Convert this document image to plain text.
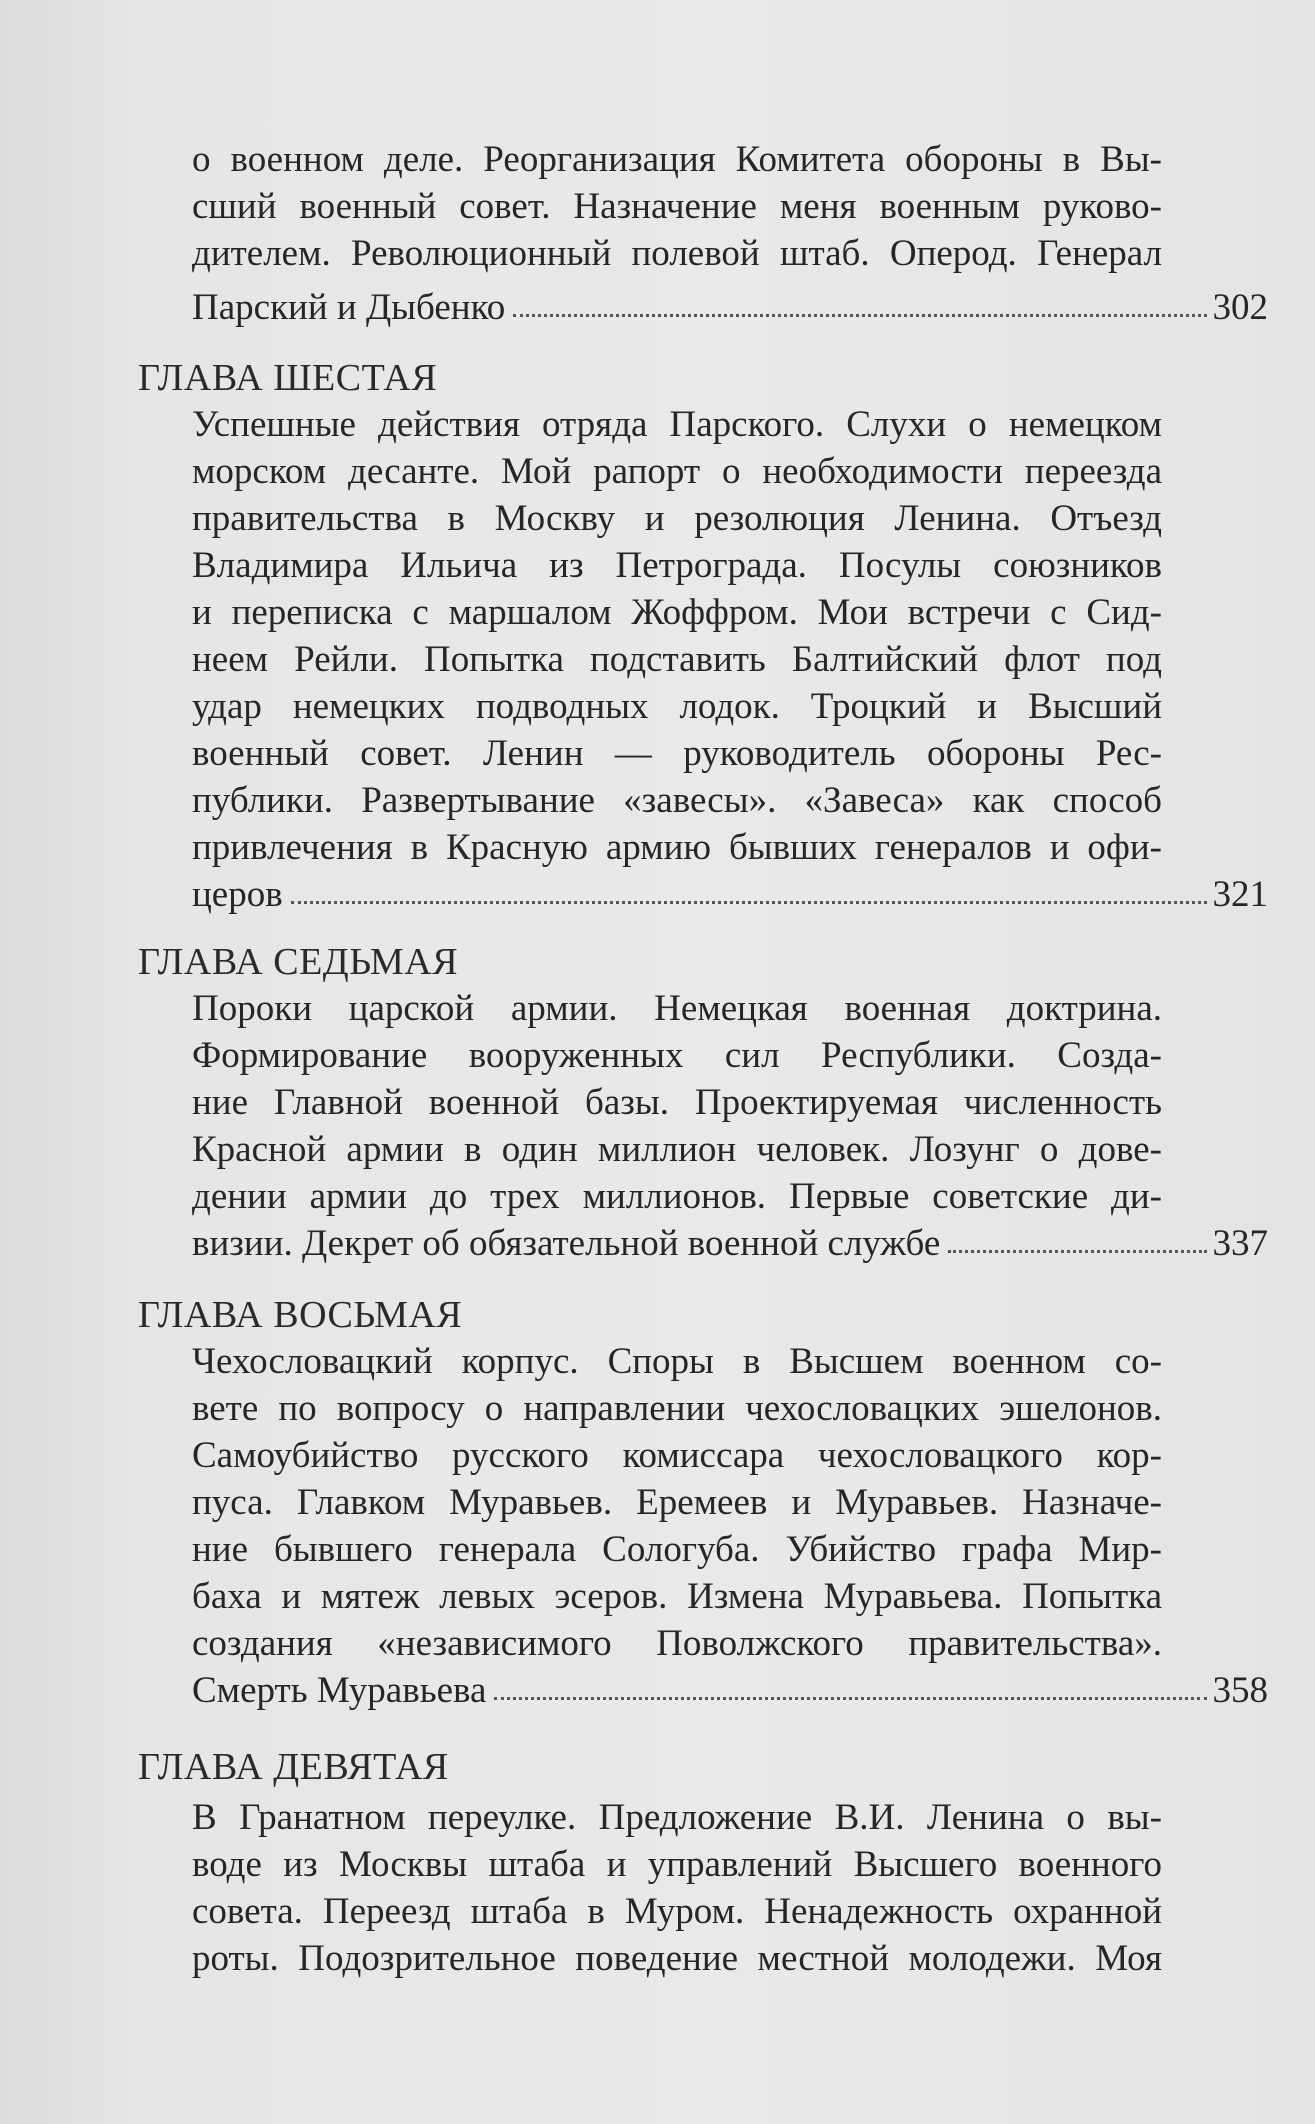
о военном деле. Реорганизация Комитета обороны в Вы-
сший военный совет. Назначение меня военным руково-
дителем. Революционный полевой штаб. Оперод. Генерал
Парский и Дыбенко	302
ГЛАВА ШЕСТАЯ
Успешные действия отряда Парского. Слухи о немецком
морском десанте. Мой рапорт о необходимости переезда
правительства в Москву и резолюция Ленина. Отъезд
Владимира Ильича из Петрограда. Посулы союзников
и переписка с маршалом Жоффром. Мои встречи с Сид-
неем Рейли. Попытка подставить Балтийский флот под
удар немецких подводных лодок. Троцкий и Высший
военный совет. Ленин — руководитель обороны Рес-
публики. Развертывание «завесы». «Завеса» как способ
привлечения в Красную армию бывших генералов и офи-
церов	321
ГЛАВА СЕДЬМАЯ
Пороки царской армии. Немецкая военная доктрина.
Формирование вооруженных сил Республики. Созда-
ние Главной военной базы. Проектируемая численность
Красной армии в один миллион человек. Лозунг о дове-
дении армии до трех миллионов. Первые советские ди-
визии. Декрет об обязательной военной службе	337
ГЛАВА ВОСЬМАЯ
Чехословацкий корпус. Споры в Высшем военном со-
вете по вопросу о направлении чехословацких эшелонов.
Самоубийство русского комиссара чехословацкого кор-
пуса. Главком Муравьев. Еремеев и Муравьев. Назначе-
ние бывшего генерала Сологуба. Убийство графа Мир-
баха и мятеж левых эсеров. Измена Муравьева. Попытка
создания «независимого Поволжского правительства».
Смерть Муравьева	358
ГЛАВА ДЕВЯТАЯ
В Гранатном переулке. Предложение В.И. Ленина о вы-
воде из Москвы штаба и управлений Высшего военного
совета. Переезд штаба в Муром. Ненадежность охранной
роты. Подозрительное поведение местной молодежи. Моя
